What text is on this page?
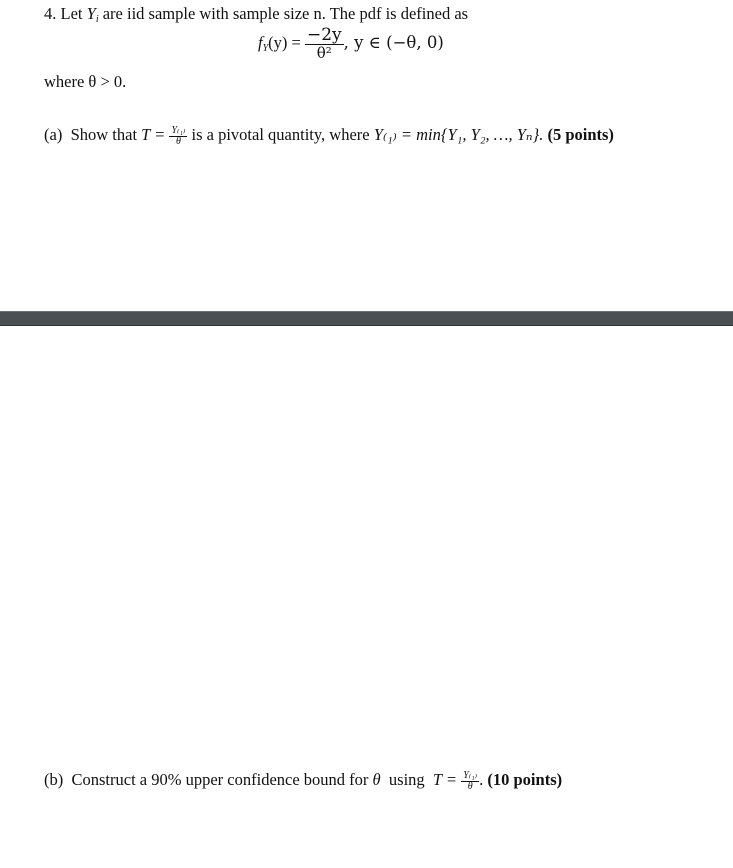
4. Let $Y_i$ are iid sample with sample size n. The pdf is defined as
$f_Y(y) = \frac{-2y}{\text{θ²}}$ , y ∈ (−θ, 0)
where θ > 0.
(a) Show that $T = \frac{\text{Y₍₁₎}}{\theta}$ is a pivotal quantity, where Y₍₁₎ = min{Y₁, Y₂, …, Yₙ}. (5 points)
(b) Construct a 90% upper confidence bound for θ using $T = \frac{\text{Y₍₁₎}}{\theta}$ . (10 points)
